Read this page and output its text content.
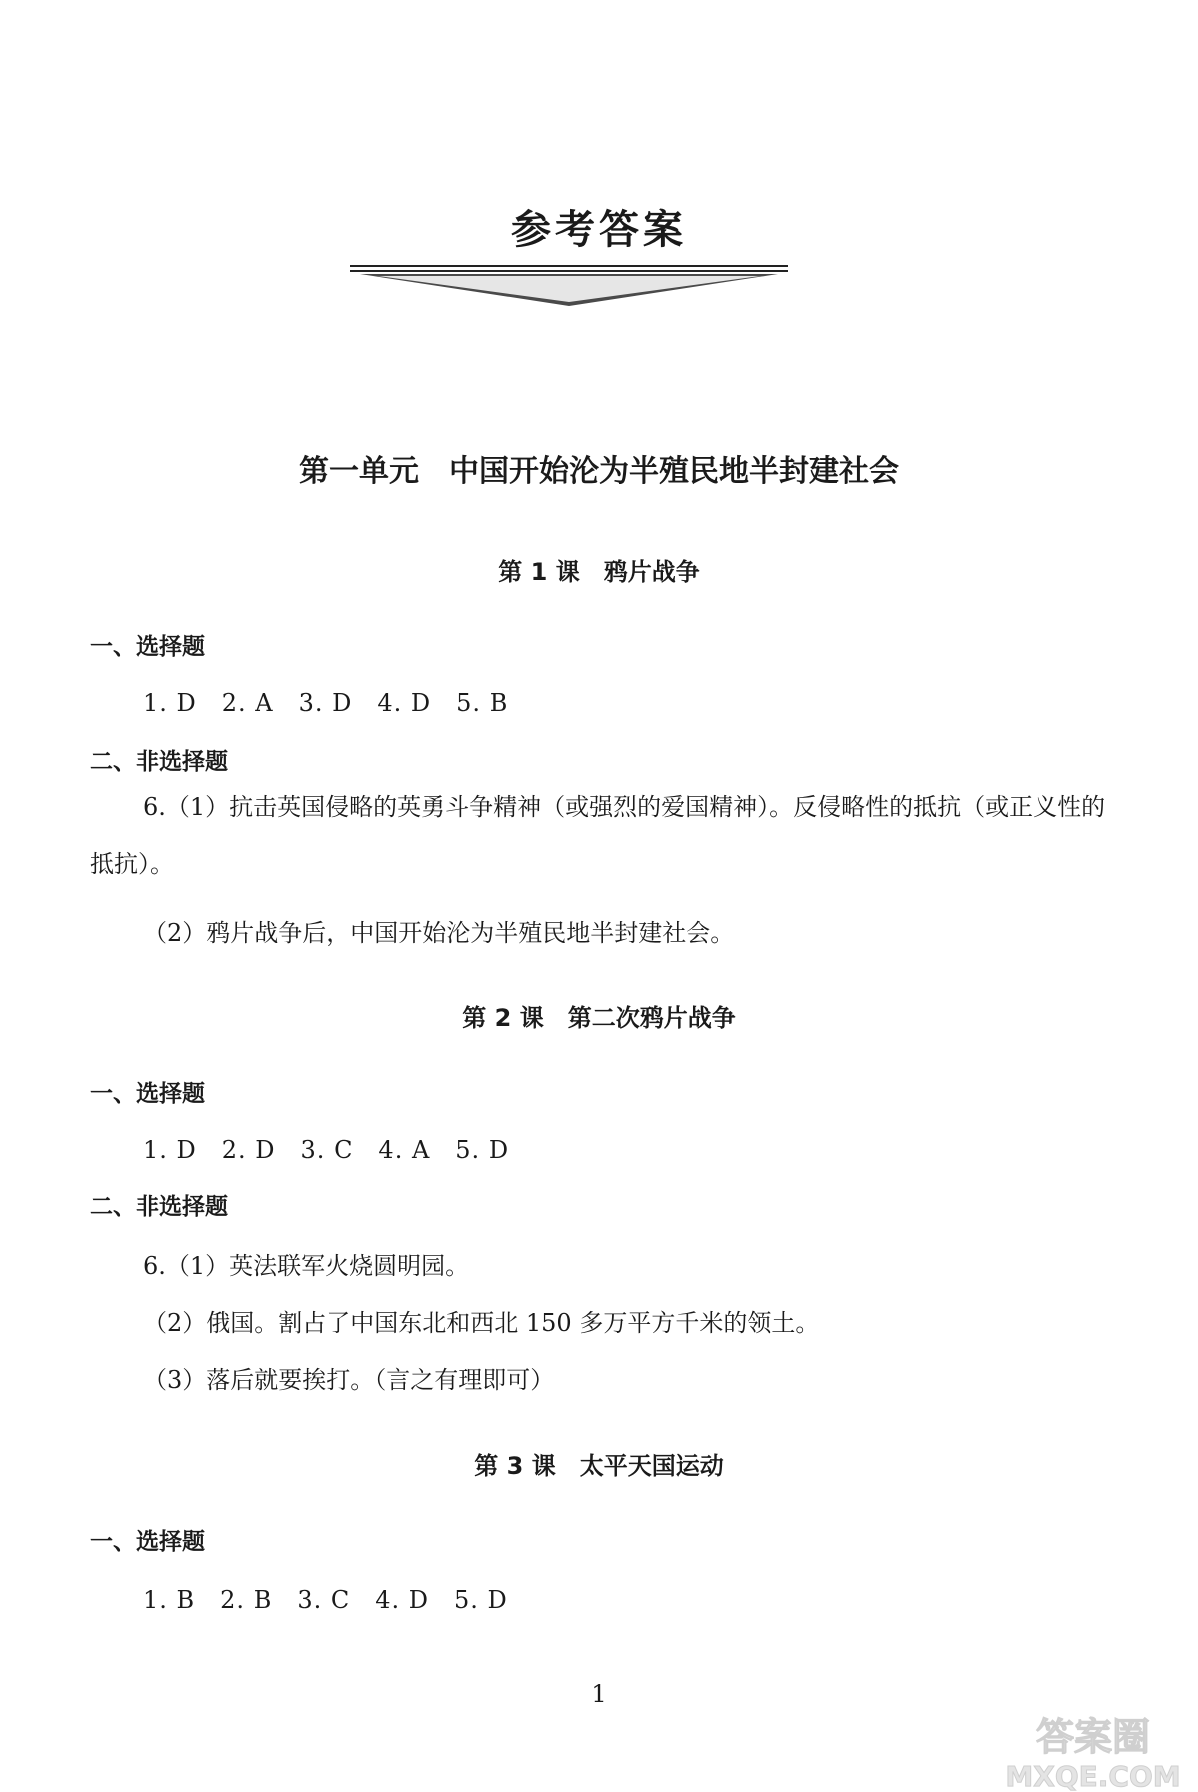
参考答案
第一单元　中国开始沦为半殖民地半封建社会
第 1 课　鸦片战争
一、选择题
1. D　2. A　3. D　4. D　5. B
二、非选择题
6.（1）抗击英国侵略的英勇斗争精神（或强烈的爱国精神）。反侵略性的抵抗（或正义性的抵抗）。
（2）鸦片战争后，中国开始沦为半殖民地半封建社会。
第 2 课　第二次鸦片战争
一、选择题
1. D　2. D　3. C　4. A　5. D
二、非选择题
6.（1）英法联军火烧圆明园。
（2）俄国。割占了中国东北和西北 150 多万平方千米的领土。
（3）落后就要挨打。（言之有理即可）
第 3 课　太平天国运动
一、选择题
1. B　2. B　3. C　4. D　5. D
1
答案圈
MXQE.COM
